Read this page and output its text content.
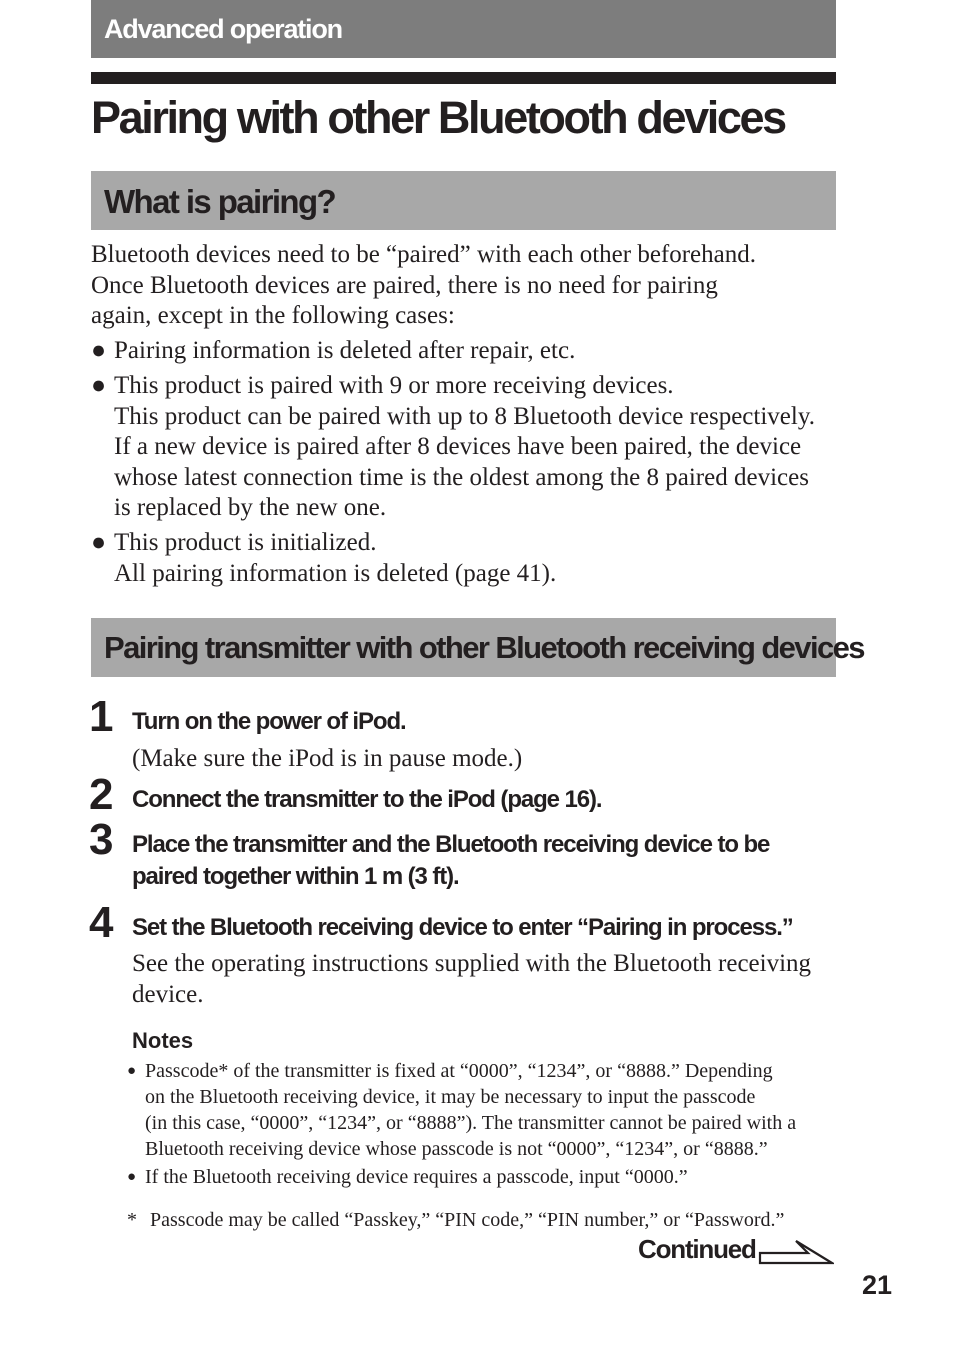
Advanced operation
Pairing with other Bluetooth devices
What is pairing?
Bluetooth devices need to be “paired” with each other beforehand.
Once Bluetooth devices are paired, there is no need for pairing
again, except in the following cases:
● Pairing information is deleted after repair, etc.
● This product is paired with 9 or more receiving devices.
This product can be paired with up to 8 Bluetooth device respectively.
If a new device is paired after 8 devices have been paired, the device
whose latest connection time is the oldest among the 8 paired devices
is replaced by the new one.
● This product is initialized.
All pairing information is deleted (page 41).
Pairing transmitter with other Bluetooth receiving devices
1 Turn on the power of iPod.
(Make sure the iPod is in pause mode.)
2 Connect the transmitter to the iPod (page 16).
3 Place the transmitter and the Bluetooth receiving device to be
paired together within 1 m (3 ft).
4 Set the Bluetooth receiving device to enter “Pairing in process.”
See the operating instructions supplied with the Bluetooth receiving
device.
Notes
● Passcode* of the transmitter is fixed at “0000”, “1234”, or “8888.” Depending
on the Bluetooth receiving device, it may be necessary to input the passcode
(in this case, “0000”, “1234”, or “8888”). The transmitter cannot be paired with a
Bluetooth receiving device whose passcode is not “0000”, “1234”, or “8888.”
● If the Bluetooth receiving device requires a passcode, input “0000.”
* Passcode may be called “Passkey,” “PIN code,” “PIN number,” or “Password.”
Continued
21
